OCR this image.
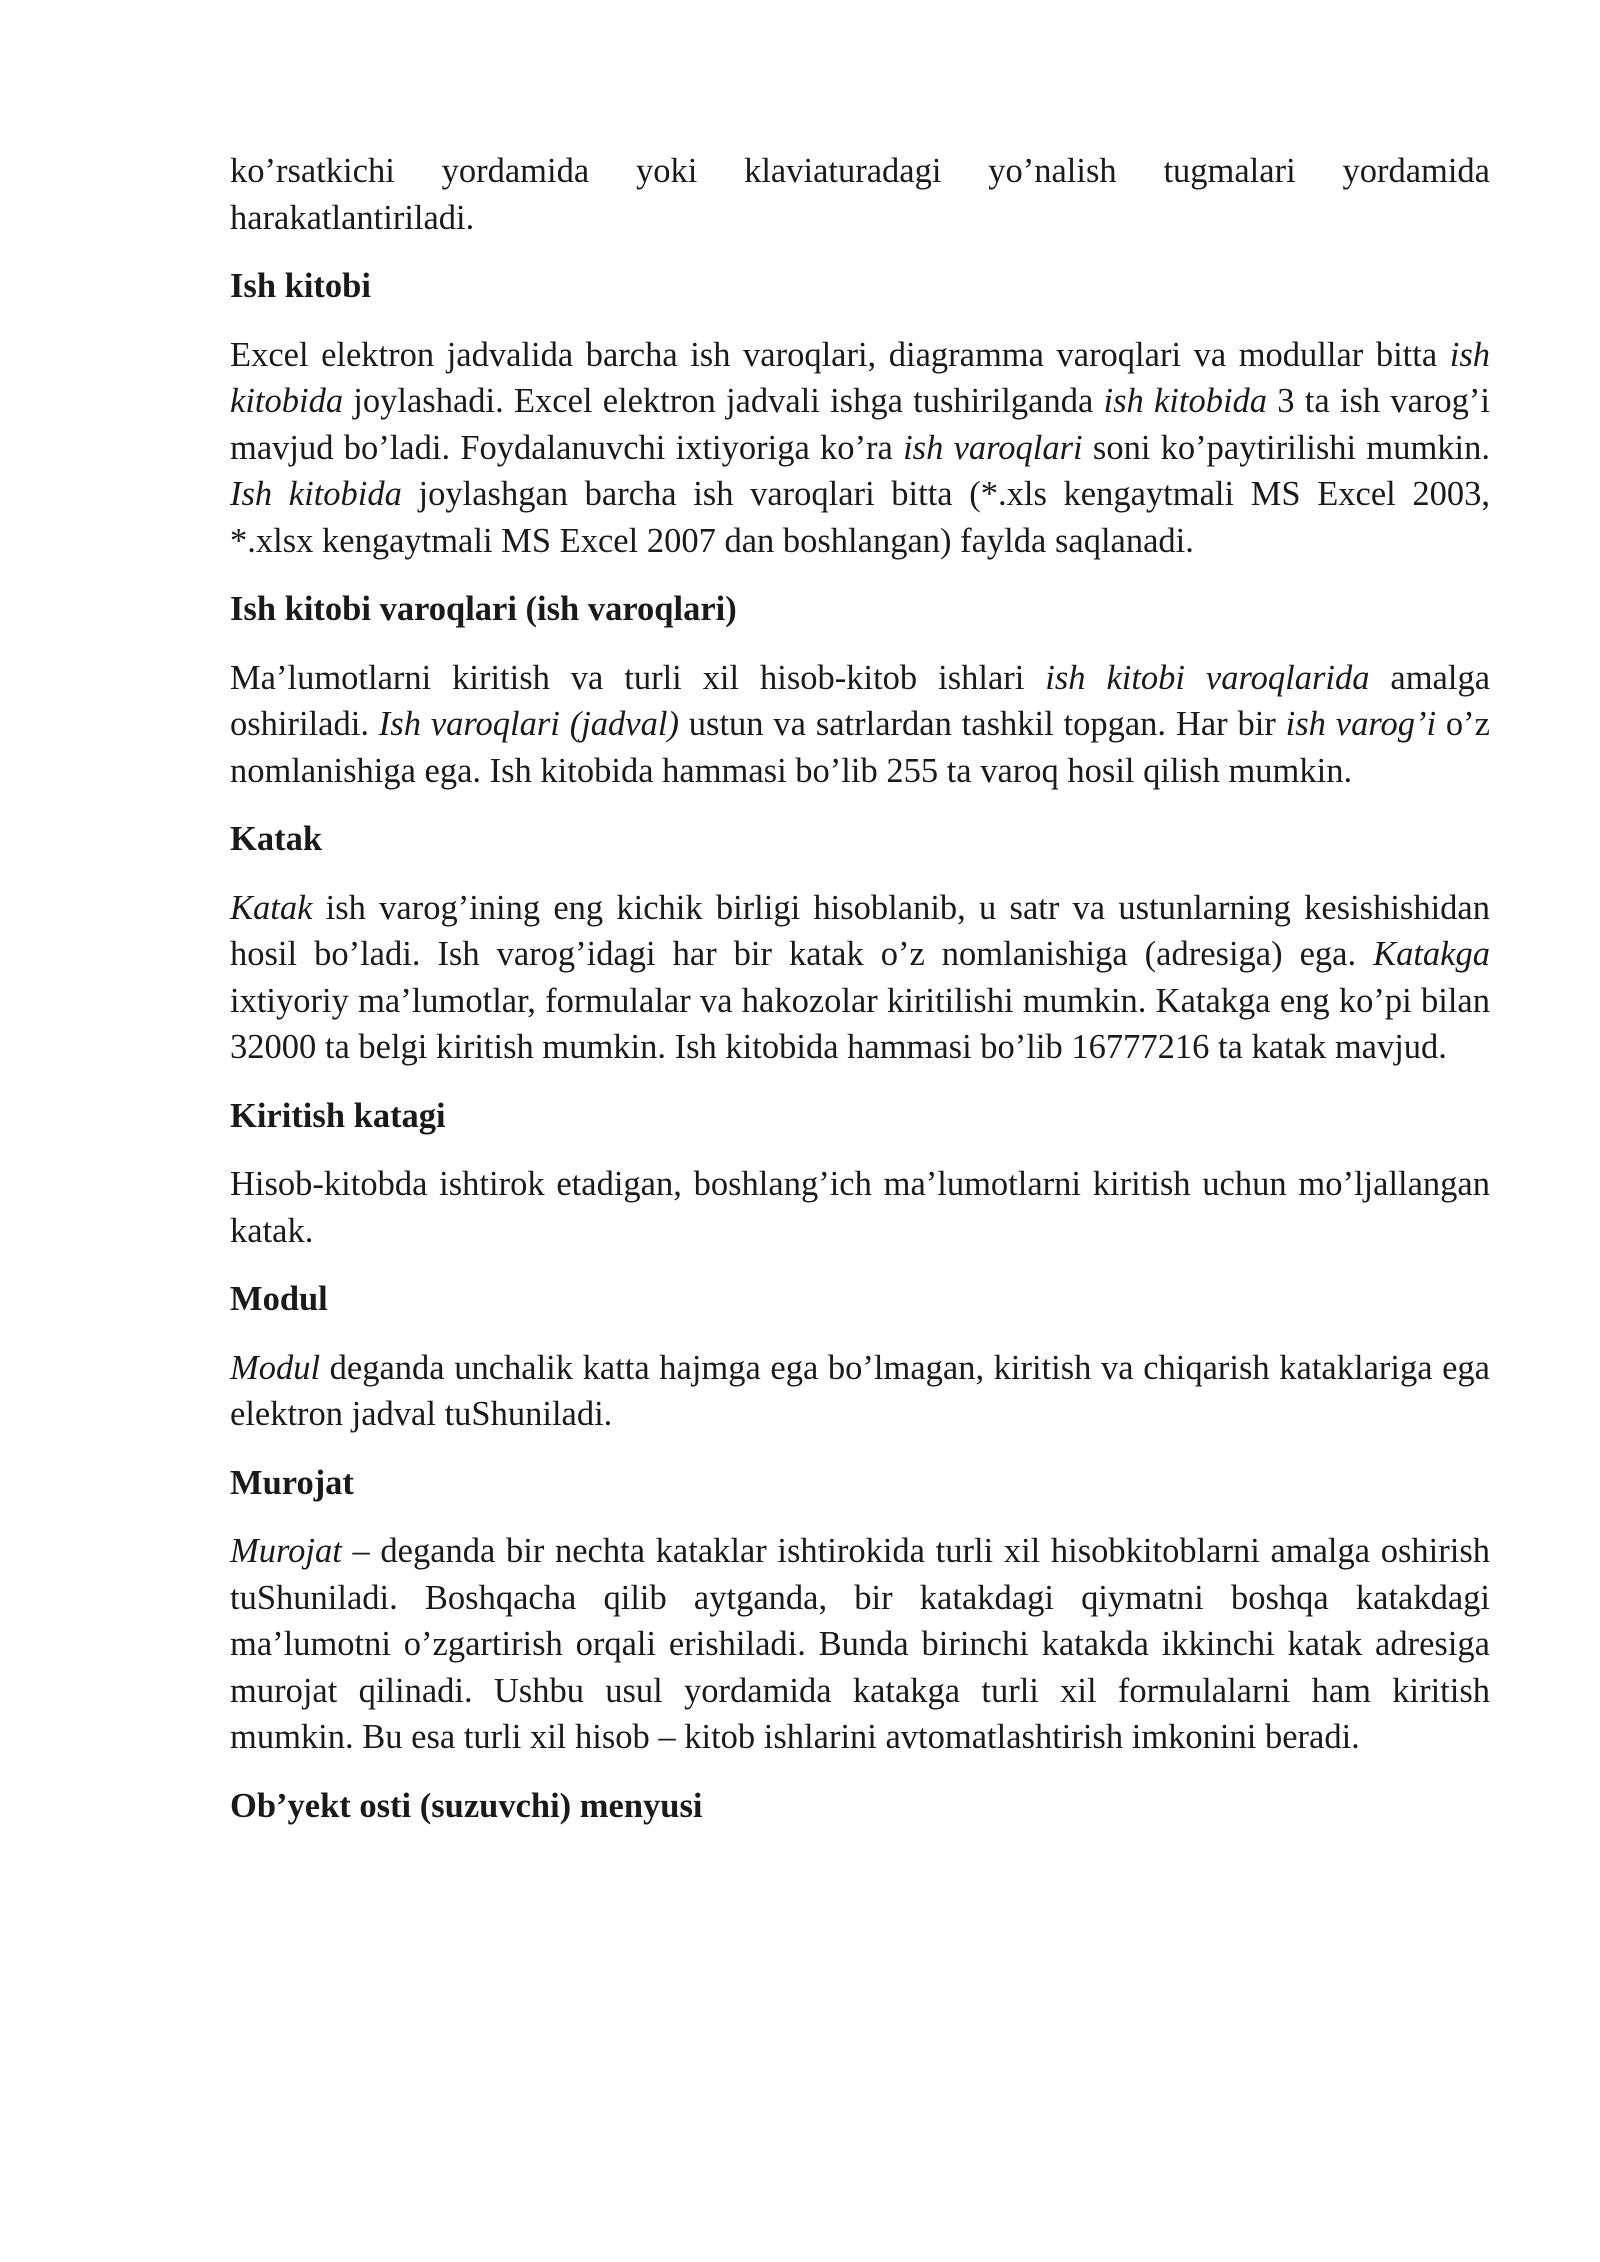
ko’rsatkichi yordamida yoki klaviaturadagi yo’nalish tugmalari yordamida harakatlantiriladi.

Ish kitobi

Excel elektron jadvalida barcha ish varoqlari, diagramma varoqlari va modullar bitta ish kitobida joylashadi. Excel elektron jadvali ishga tushirilganda ish kitobida 3 ta ish varog’i mavjud bo’ladi. Foydalanuvchi ixtiyoriga ko’ra ish varoqlari soni ko’paytirilishi mumkin. Ish kitobida joylashgan barcha ish varoqlari bitta (*.xls kengaytmali MS Excel 2003, *.xlsx kengaytmali MS Excel 2007 dan boshlangan) faylda saqlanadi.

Ish kitobi varoqlari (ish varoqlari)

Ma’lumotlarni kiritish va turli xil hisob-kitob ishlari ish kitobi varoqlarida amalga oshiriladi. Ish varoqlari (jadval) ustun va satrlardan tashkil topgan. Har bir ish varog’i o’z nomlanishiga ega. Ish kitobida hammasi bo’lib 255 ta varoq hosil qilish mumkin.

Katak

Katak ish varog’ining eng kichik birligi hisoblanib, u satr va ustunlarning kesishishidan hosil bo’ladi. Ish varog’idagi har bir katak o’z nomlanishiga (adresiga) ega. Katakga ixtiyoriy ma’lumotlar, formulalar va hakozolar kiritilishi mumkin. Katakga eng ko’pi bilan 32000 ta belgi kiritish mumkin. Ish kitobida hammasi bo’lib 16777216 ta katak mavjud.

Kiritish katagi

Hisob-kitobda ishtirok etadigan, boshlang’ich ma’lumotlarni kiritish uchun mo’ljallangan katak.

Modul

Modul deganda unchalik katta hajmga ega bo’lmagan, kiritish va chiqarish kataklariga ega elektron jadval tuShuniladi.

Murojat

Murojat – deganda bir nechta kataklar ishtirokida turli xil hisobkitoblarni amalga oshirish tuShuniladi. Boshqacha qilib aytganda, bir katakdagi qiymatni boshqa katakdagi ma’lumotni o’zgartirish orqali erishiladi. Bunda birinchi katakda ikkinchi katak adresiga murojat qilinadi. Ushbu usul yordamida katakga turli xil formulalarni ham kiritish mumkin. Bu esa turli xil hisob – kitob ishlarini avtomatlashtirish imkonini beradi.

Ob’yekt osti (suzuvchi) menyusi
